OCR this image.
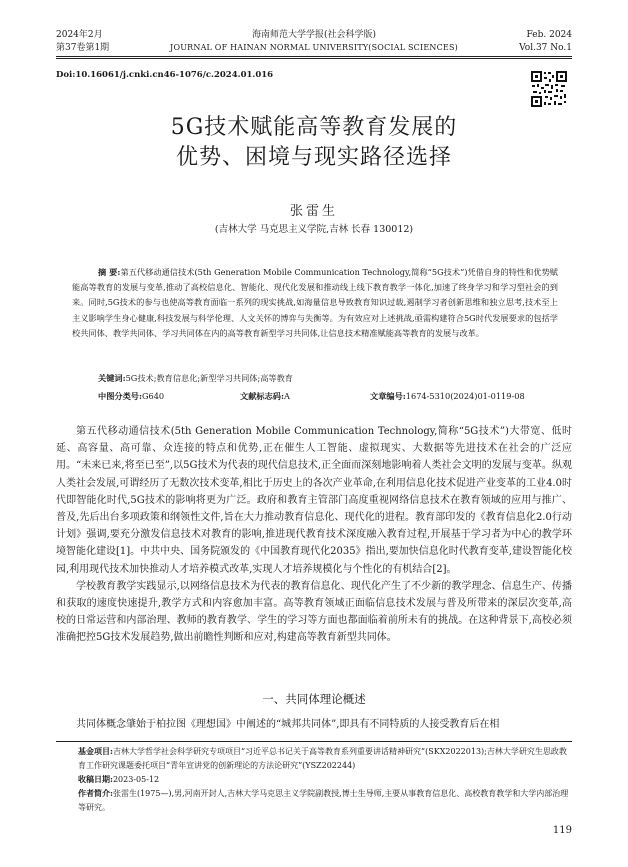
2024年2月
第37卷第1期
海南师范大学学报(社会科学版)
JOURNAL OF HAINAN NORMAL UNIVERSITY(SOCIAL SCIENCES)
Feb. 2024
Vol.37 No.1
Doi:10.16061/j.cnki.cn46-1076/c.2024.01.016
5G技术赋能高等教育发展的
优势、困境与现实路径选择
张雷生
(吉林大学 马克思主义学院,吉林 长春 130012)
摘 要:第五代移动通信技术(5th Generation Mobile Communication Technology,简称“5G技术”)凭借自身的特性和优势赋能高等教育的发展与变革,推动了高校信息化、智能化、现代化发展和推动线上线下教育教学一体化,加速了终身学习和学习型社会的到来。同时,5G技术的参与也使高等教育面临一系列的现实挑战,如海量信息导致教育知识过载,遏制学习者创新思维和独立思考,技术至上主义影响学生身心健康,科技发展与科学伦理、人文关怀的博弈与失衡等。为有效应对上述挑战,亟需构建符合5G时代发展要求的包括学校共同体、教学共同体、学习共同体在内的高等教育新型学习共同体,让信息技术精准赋能高等教育的发展与改革。
关键词:5G技术;教育信息化;新型学习共同体;高等教育
中图分类号:G640	文献标志码:A	文章编号:1674-5310(2024)01-0119-08

第五代移动通信技术(5th Generation Mobile Communication Technology,简称“5G技术”)大带宽、低时延、高容量、高可靠、众连接的特点和优势,正在催生人工智能、虚拟现实、大数据等先进技术在社会的广泛应用。“未来已来,将至已至”,以5G技术为代表的现代信息技术,正全面而深刻地影响着人类社会文明的发展与变革。纵观人类社会发展,可谓经历了无数次技术变革,相比于历史上的各次产业革命,在利用信息化技术促进产业变革的工业4.0时代即智能化时代,5G技术的影响将更为广泛。政府和教育主管部门高度重视网络信息技术在教育领域的应用与推广、普及,先后出台多项政策和纲领性文件,旨在大力推动教育信息化、现代化的进程。教育部印发的《教育信息化2.0行动计划》强调,要充分激发信息技术对教育的影响,推进现代教育技术深度融入教育过程,开展基于学习者为中心的教学环境智能化建设[1]。中共中央、国务院颁发的《中国教育现代化2035》指出,要加快信息化时代教育变革,建设智能化校园,利用现代技术加快推动人才培养模式改革,实现人才培养规模化与个性化的有机结合[2]。

学校教育教学实践显示,以网络信息技术为代表的教育信息化、现代化产生了不少新的教学理念、信息生产、传播和获取的速度快速提升,教学方式和内容愈加丰富。高等教育领域正面临信息技术发展与普及所带来的深层次变革,高校的日常运营和内部治理、教师的教育教学、学生的学习等方面也都面临着前所未有的挑战。在这种背景下,高校必须准确把控5G技术发展趋势,做出前瞻性判断和应对,构建高等教育新型共同体。

一、共同体理论概述

共同体概念肇始于柏拉图《理想国》中阐述的“城邦共同体”,即具有不同特质的人接受教育后在相

基金项目:吉林大学哲学社会科学研究专项项目“习近平总书记关于高等教育系列重要讲话精神研究”(SKX2022013);吉林大学研究生思政教育工作研究课题委托项目“青年宣讲党的创新理论的方法论研究”(YSZ202244)
收稿日期:2023-05-12
作者简介:张雷生(1975—),男,河南开封人,吉林大学马克思主义学院副教授,博士生导师,主要从事教育信息化、高校教育教学和大学内部治理等研究。
119
